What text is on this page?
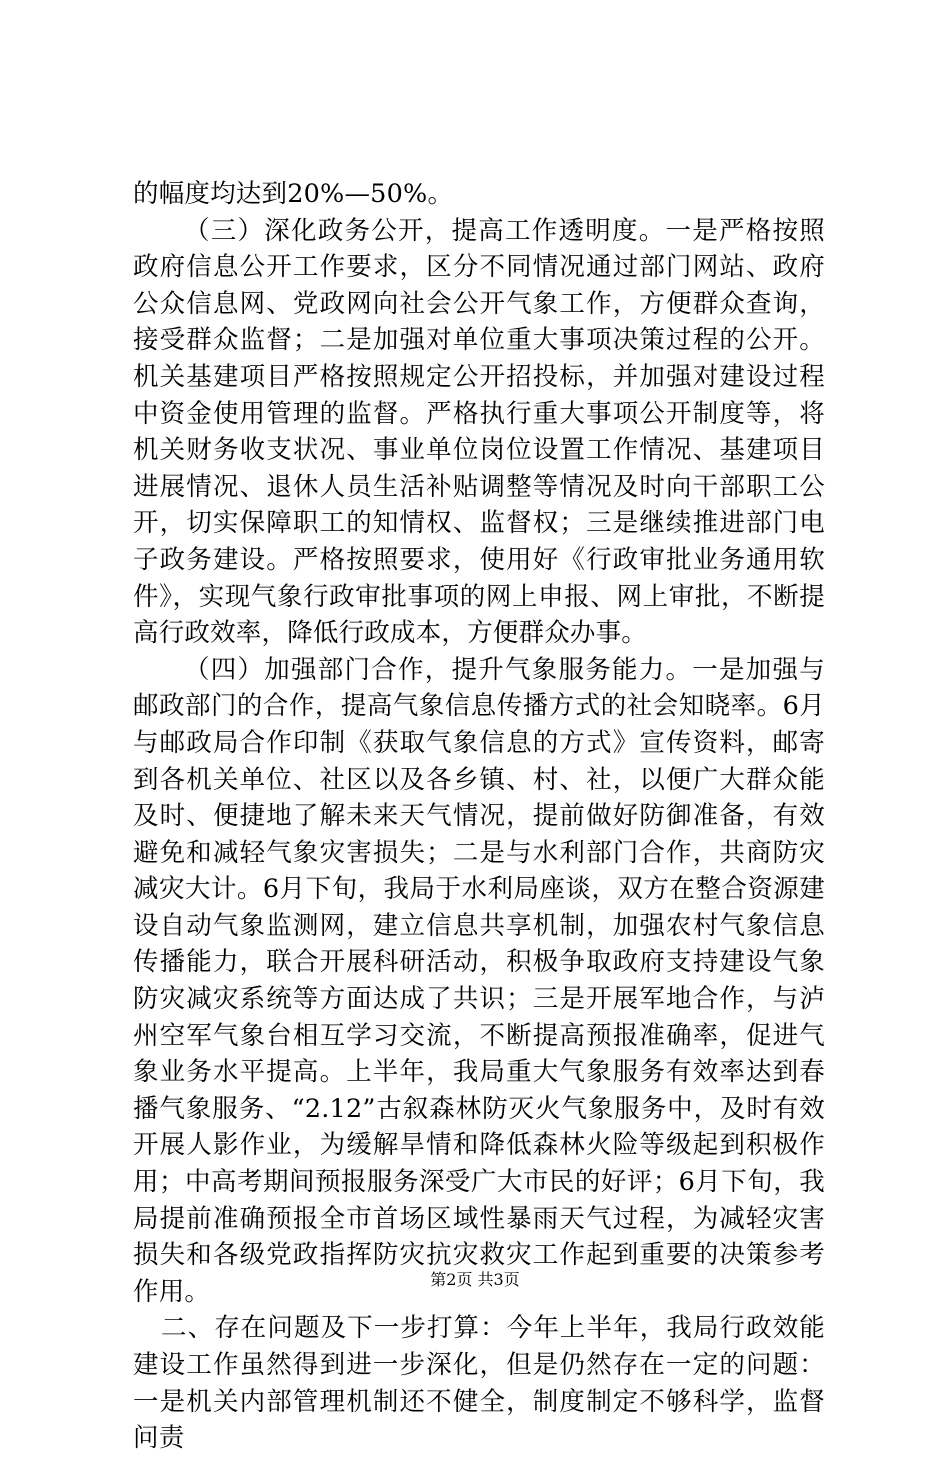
的幅度均达到20%—50%。

（三）深化政务公开，提高工作透明度。一是严格按照政府信息公开工作要求，区分不同情况通过部门网站、政府公众信息网、党政网向社会公开气象工作，方便群众查询，接受群众监督；二是加强对单位重大事项决策过程的公开。机关基建项目严格按照规定公开招投标，并加强对建设过程中资金使用管理的监督。严格执行重大事项公开制度等，将机关财务收支状况、事业单位岗位设置工作情况、基建项目进展情况、退休人员生活补贴调整等情况及时向干部职工公开，切实保障职工的知情权、监督权；三是继续推进部门电子政务建设。严格按照要求，使用好《行政审批业务通用软件》，实现气象行政审批事项的网上申报、网上审批，不断提高行政效率，降低行政成本，方便群众办事。

（四）加强部门合作，提升气象服务能力。一是加强与邮政部门的合作，提高气象信息传播方式的社会知晓率。6月与邮政局合作印制《获取气象信息的方式》宣传资料，邮寄到各机关单位、社区以及各乡镇、村、社，以便广大群众能及时、便捷地了解未来天气情况，提前做好防御准备，有效避免和减轻气象灾害损失；二是与水利部门合作，共商防灾减灾大计。6月下旬，我局于水利局座谈，双方在整合资源建设自动气象监测网，建立信息共享机制，加强农村气象信息传播能力，联合开展科研活动，积极争取政府支持建设气象防灾减灾系统等方面达成了共识；三是开展军地合作，与泸州空军气象台相互学习交流，不断提高预报准确率，促进气象业务水平提高。上半年，我局重大气象服务有效率达到春播气象服务、“2.12”古叙森林防灭火气象服务中，及时有效开展人影作业，为缓解旱情和降低森林火险等级起到积极作用；中高考期间预报服务深受广大市民的好评；6月下旬，我局提前准确预报全市首场区域性暴雨天气过程，为减轻灾害损失和各级党政指挥防灾抗灾救灾工作起到重要的决策参考作用。

二、存在问题及下一步打算：今年上半年，我局行政效能建设工作虽然得到进一步深化，但是仍然存在一定的问题：一是机关内部管理机制还不健全，制度制定不够科学，监督问责

第2页 共3页
